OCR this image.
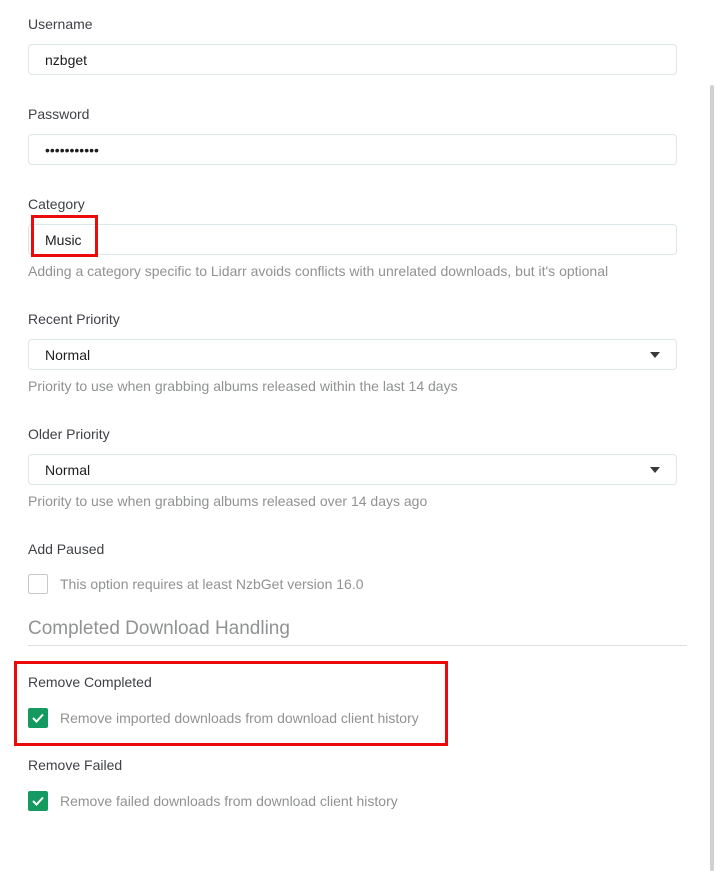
Username
nzbget
Password
•••••••••••
Category
Music
Adding a category specific to Lidarr avoids conflicts with unrelated downloads, but it's optional
Recent Priority
Normal
Priority to use when grabbing albums released within the last 14 days
Older Priority
Normal
Priority to use when grabbing albums released over 14 days ago
Add Paused
This option requires at least NzbGet version 16.0
Completed Download Handling
Remove Completed
Remove imported downloads from download client history
Remove Failed
Remove failed downloads from download client history
